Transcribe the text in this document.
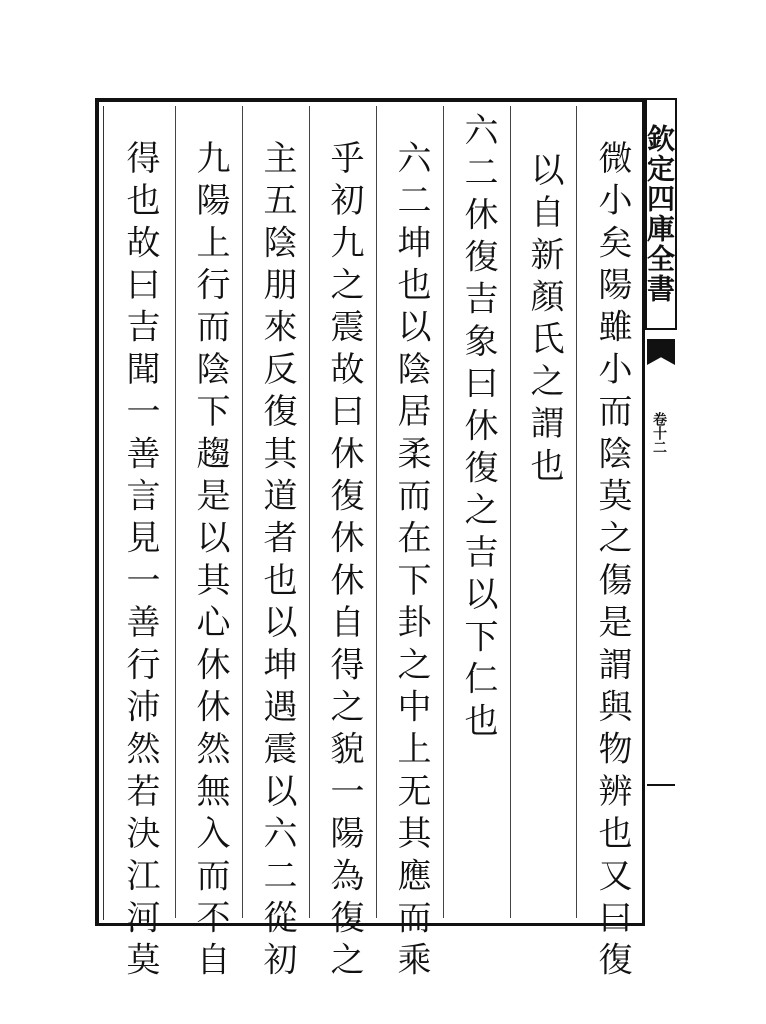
欽定四庫全書
卷十二
微小矣陽雖小而陰莫之傷是謂與物辨也又曰復
以自新顏氏之謂也
六二休復吉象曰休復之吉以下仁也
六二坤也以陰居柔而在下卦之中上无其應而乘
乎初九之震故曰休復休休自得之貌一陽為復之
主五陰朋來反復其道者也以坤遇震以六二從初
九陽上行而陰下趨是以其心休休然無入而不自
得也故曰吉聞一善言見一善行沛然若決江河莫
